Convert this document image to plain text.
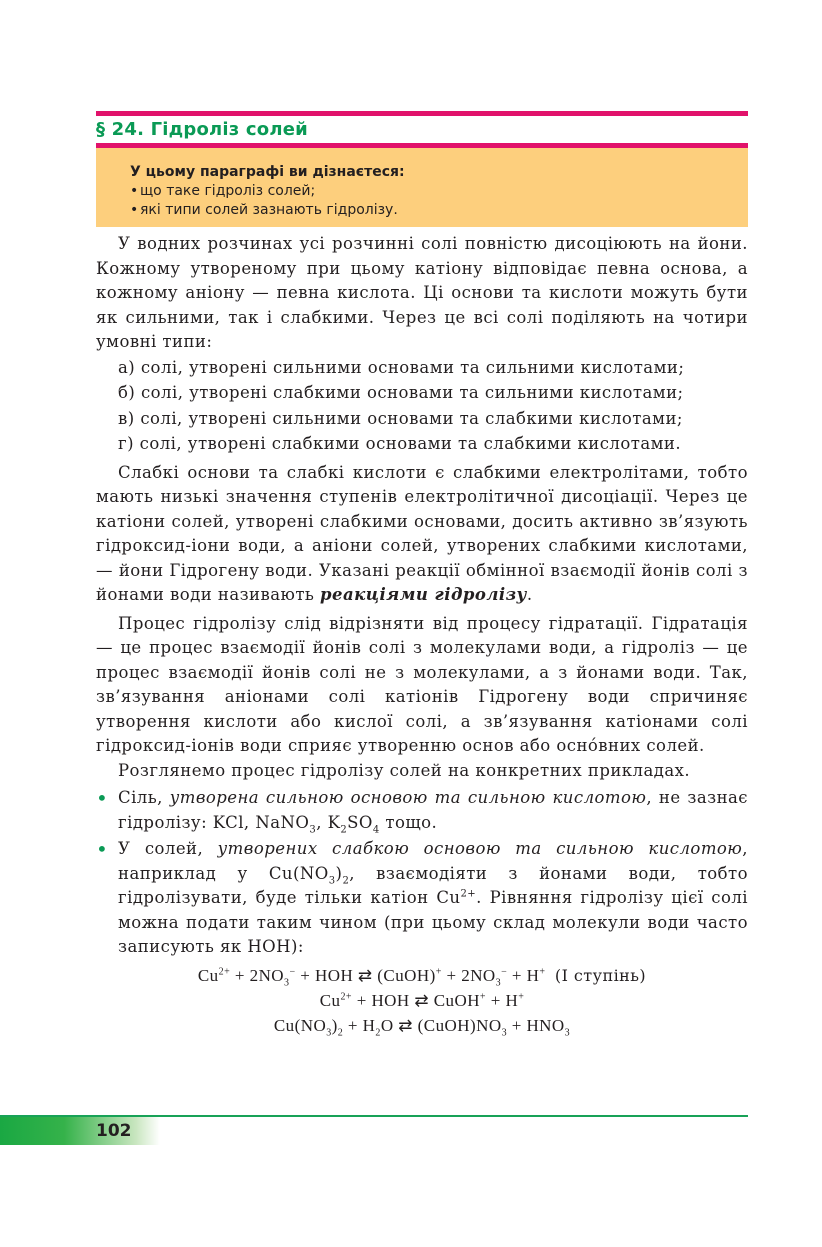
§ 24. Гідроліз солей
У цьому параграфі ви дізнаєтеся:
• що таке гідроліз солей;
• які типи солей зазнають гідролізу.

У водних розчинах усі розчинні солі повністю дисоціюють на йони. Кожному утвореному при цьому катіону відповідає певна основа, а кожному аніону — певна кислота. Ці основи та кислоти можуть бути як сильними, так і слабкими. Через це всі солі поділяють на чотири умовні типи:

а) солі, утворені сильними основами та сильними кислотами;

б) солі, утворені слабкими основами та сильними кислотами;

в) солі, утворені сильними основами та слабкими кислотами;

г) солі, утворені слабкими основами та слабкими кислотами.

Слабкі основи та слабкі кислоти є слабкими електролітами, тобто мають низькі значення ступенів електролітичної дисоціації. Через це катіони солей, утворені слабкими основами, досить активно зв’язують гідроксид-іони води, а аніони солей, утворених слабкими кислотами, — йони Гідрогену води. Указані реакції обмінної взаємодії йонів солі з йонами води називають реакціями гідролізу.

Процес гідролізу слід відрізняти від процесу гідратації. Гідратація — це процес взаємодії йонів солі з молекулами води, а гідроліз — це процес взаємодії йонів солі не з молекулами, а з йонами води. Так, зв’язування аніонами солі катіонів Гідрогену води спричиняє утворення кислоти або кислої солі, а зв’язування катіонами солі гідроксид-іонів води сприяє утворенню основ або осно́вних солей.

Розглянемо процес гідролізу солей на конкретних прикладах.

• Сіль, утворена сильною основою та сильною кислотою, не зазнає гідролізу: KCl, NaNO$_3$, $K_2SO_4$ тощо.

• У солей, утворених слабкою основою та сильною кислотою, наприклад у $Cu(NO_3)_2$, взаємодіяти з йонами води, тобто гідролізувати, буде тільки катіон $Cu^{2+}$. Рівняння гідролізу цієї солі можна подати таким чином (при цьому склад молекули води часто записують як HOH):

$Cu^{2+} + 2NO_3^-$ + HOH ⇄ (CuOH)+ + $2NO_3^- + H^+$ (І ступінь)
$Cu^{2+}$ + HOH ⇄ CuOH+ + H+
$Cu(NO_3)_2 + H_2O$ ⇄ $(CuOH)NO_3 + HNO_3$
102
